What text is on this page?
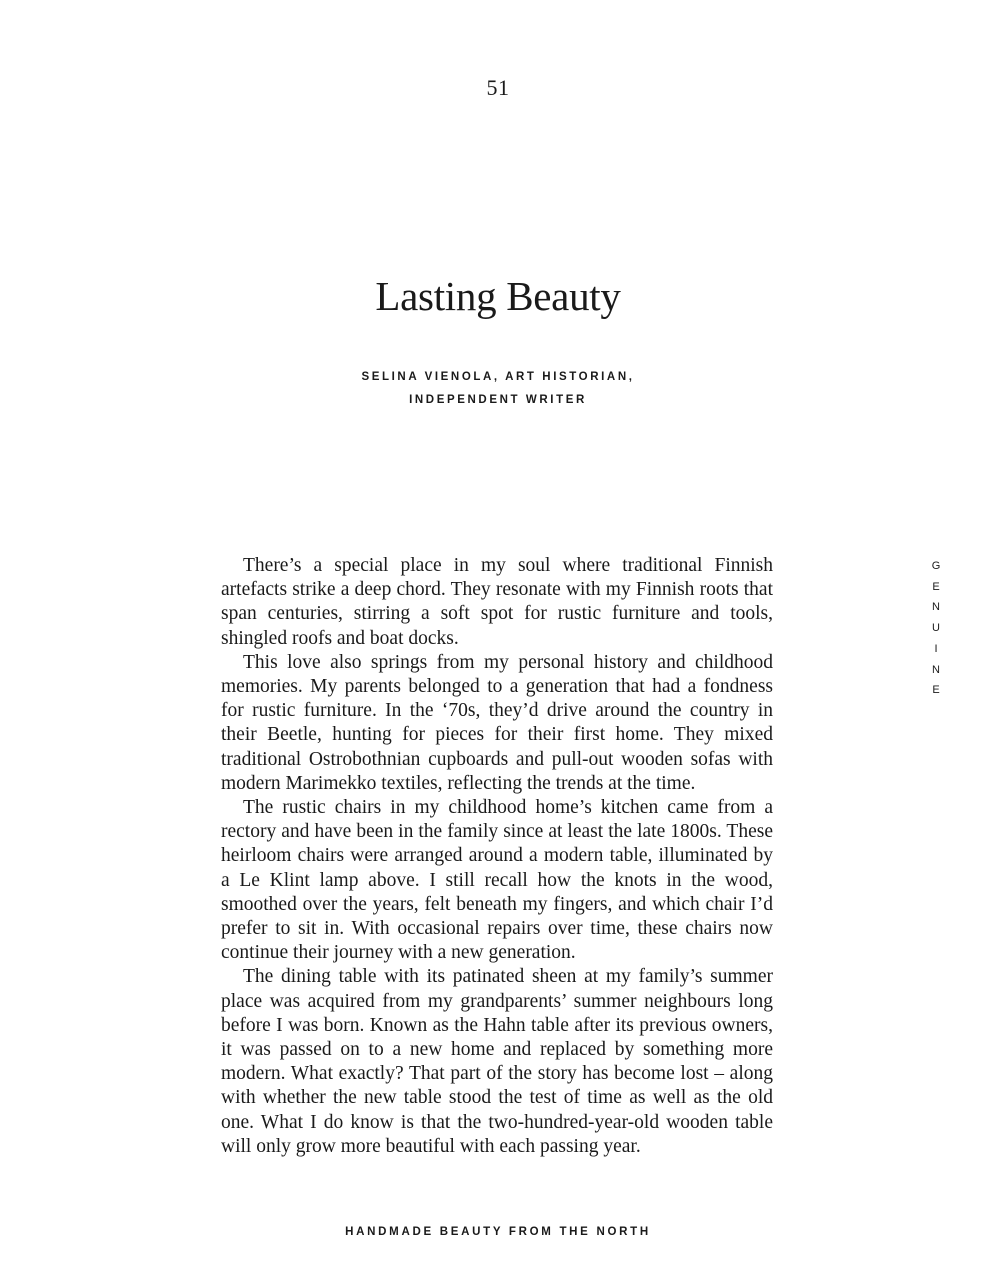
51
Lasting Beauty
SELINA VIENOLA, ART HISTORIAN,
INDEPENDENT WRITER

There’s a special place in my soul where traditional Finnish artefacts strike a deep chord. They resonate with my Finnish roots that span centuries, stirring a soft spot for rustic furniture and tools, shingled roofs and boat docks.

This love also springs from my personal history and childhood memories. My parents belonged to a generation that had a fondness for rustic furniture. In the ‘70s, they’d drive around the country in their Beetle, hunting for pieces for their first home. They mixed traditional Ostrobothnian cupboards and pull-out wooden sofas with modern Marimekko textiles, reflecting the trends at the time.

The rustic chairs in my childhood home’s kitchen came from a rectory and have been in the family since at least the late 1800s. These heirloom chairs were arranged around a modern table, illuminated by a Le Klint lamp above. I still recall how the knots in the wood, smoothed over the years, felt beneath my fingers, and which chair I’d prefer to sit in. With occasional repairs over time, these chairs now continue their journey with a new generation.

The dining table with its patinated sheen at my family’s summer place was acquired from my grandparents’ summer neighbours long before I was born. Known as the Hahn table after its previous owners, it was passed on to a new home and replaced by something more modern. What exactly? That part of the story has become lost – along with whether the new table stood the test of time as well as the old one. What I do know is that the two-hundred-year-old wooden table will only grow more beautiful with each passing year.

G
E
N
U
I
N
E
HANDMADE BEAUTY FROM THE NORTH
